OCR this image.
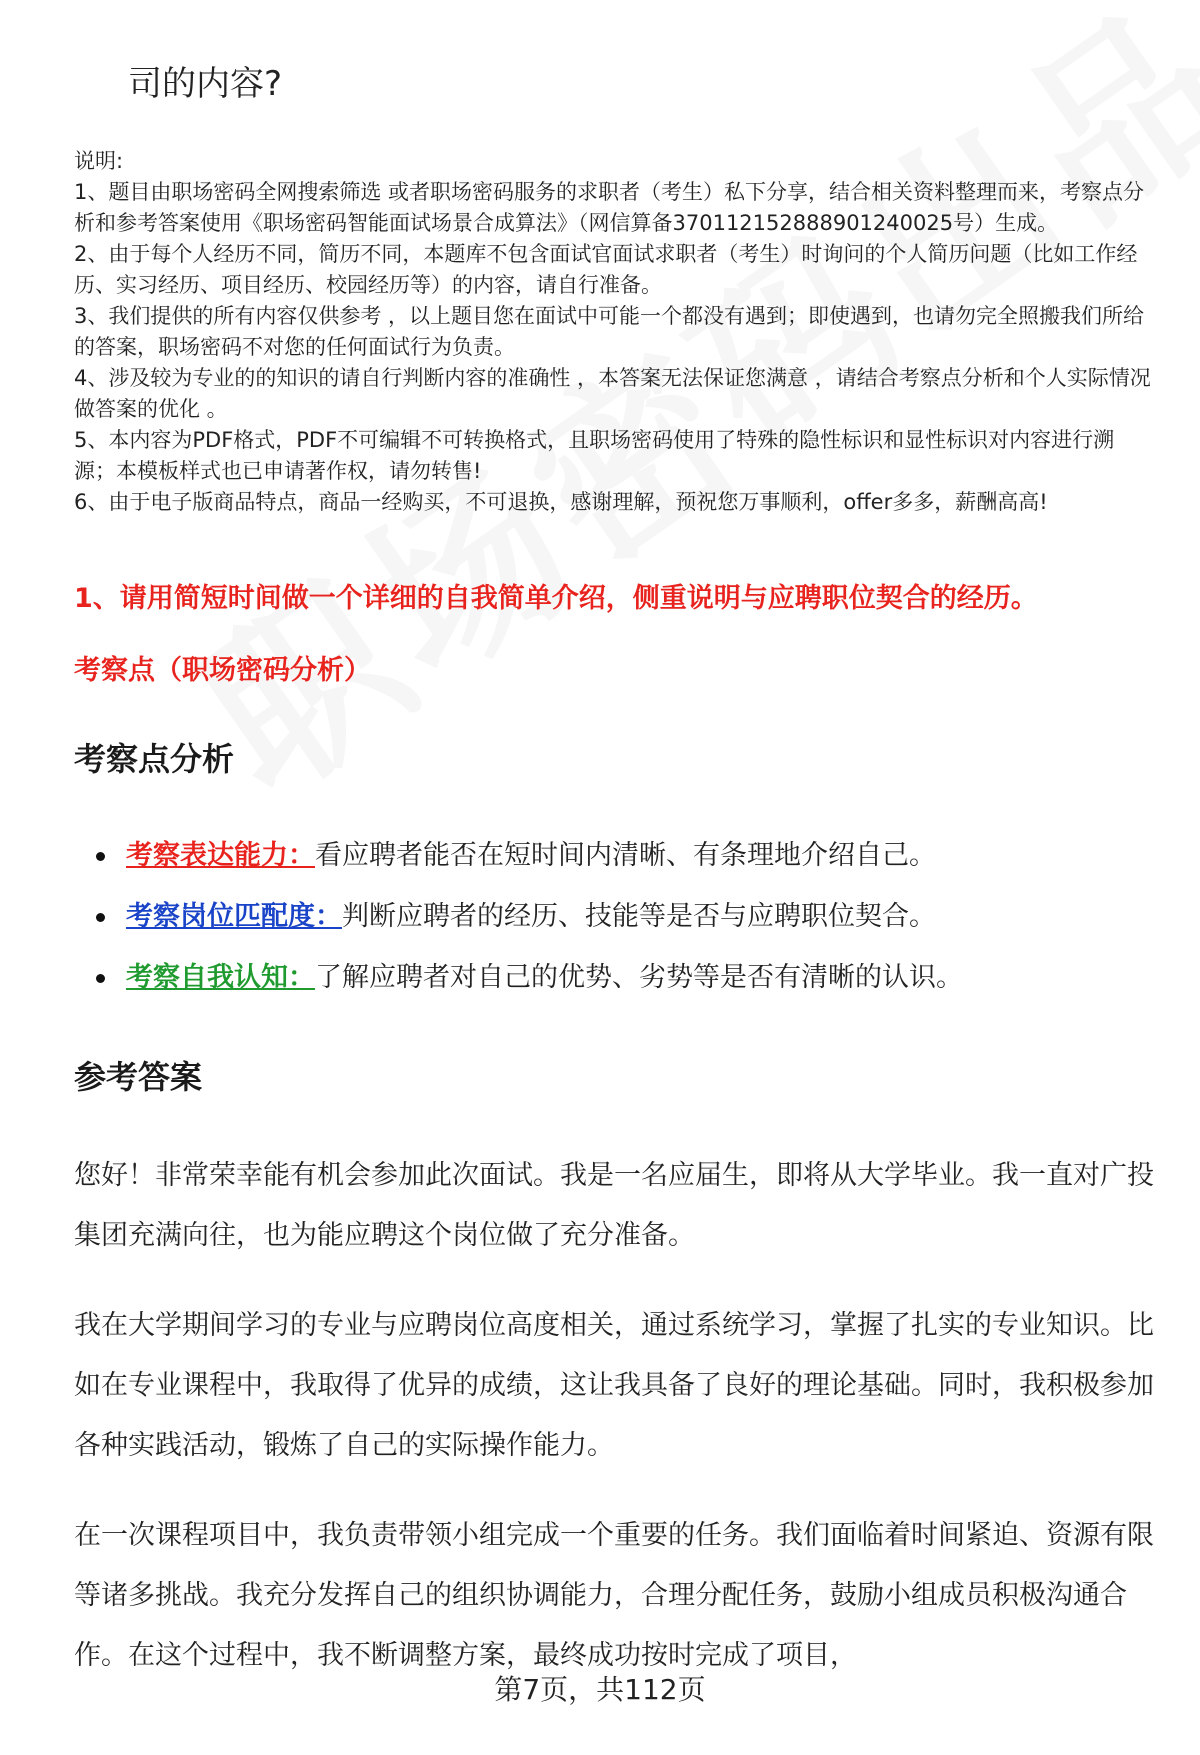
司的内容?

说明:

1、题目由职场密码全网搜索筛选 或者职场密码服务的求职者（考生）私下分享，结合相关资料整理而来，考察点分析和参考答案使用《职场密码智能面试场景合成算法》（网信算备370112152888901240025号）生成。

2、由于每个人经历不同，简历不同，本题库不包含面试官面试求职者（考生）时询问的个人简历问题（比如工作经历、实习经历、项目经历、校园经历等）的内容，请自行准备。

3、我们提供的所有内容仅供参考 ，以上题目您在面试中可能一个都没有遇到；即使遇到，也请勿完全照搬我们所给的答案，职场密码不对您的任何面试行为负责。

4、涉及较为专业的的知识的请自行判断内容的准确性 ，本答案无法保证您满意 ，请结合考察点分析和个人实际情况做答案的优化 。

5、本内容为PDF格式，PDF不可编辑不可转换格式，且职场密码使用了特殊的隐性标识和显性标识对内容进行溯源；本模板样式也已申请著作权，请勿转售!

6、由于电子版商品特点，商品一经购买，不可退换，感谢理解，预祝您万事顺利，offer多多，薪酬高高!

1、请用简短时间做一个详细的自我简单介绍，侧重说明与应聘职位契合的经历。
考察点（职场密码分析）
考察点分析
考察表达能力：看应聘者能否在短时间内清晰、有条理地介绍自己。
考察岗位匹配度：判断应聘者的经历、技能等是否与应聘职位契合。
考察自我认知：了解应聘者对自己的优势、劣势等是否有清晰的认识。
参考答案

您好！非常荣幸能有机会参加此次面试。我是一名应届生，即将从大学毕业。我一直对广投集团充满向往，也为能应聘这个岗位做了充分准备。

我在大学期间学习的专业与应聘岗位高度相关，通过系统学习，掌握了扎实的专业知识。比如在专业课程中，我取得了优异的成绩，这让我具备了良好的理论基础。同时，我积极参加各种实践活动，锻炼了自己的实际操作能力。

在一次课程项目中，我负责带领小组完成一个重要的任务。我们面临着时间紧迫、资源有限等诸多挑战。我充分发挥自己的组织协调能力，合理分配任务，鼓励小组成员积极沟通合作。在这个过程中，我不断调整方案，最终成功按时完成了项目，

第7页，共112页
